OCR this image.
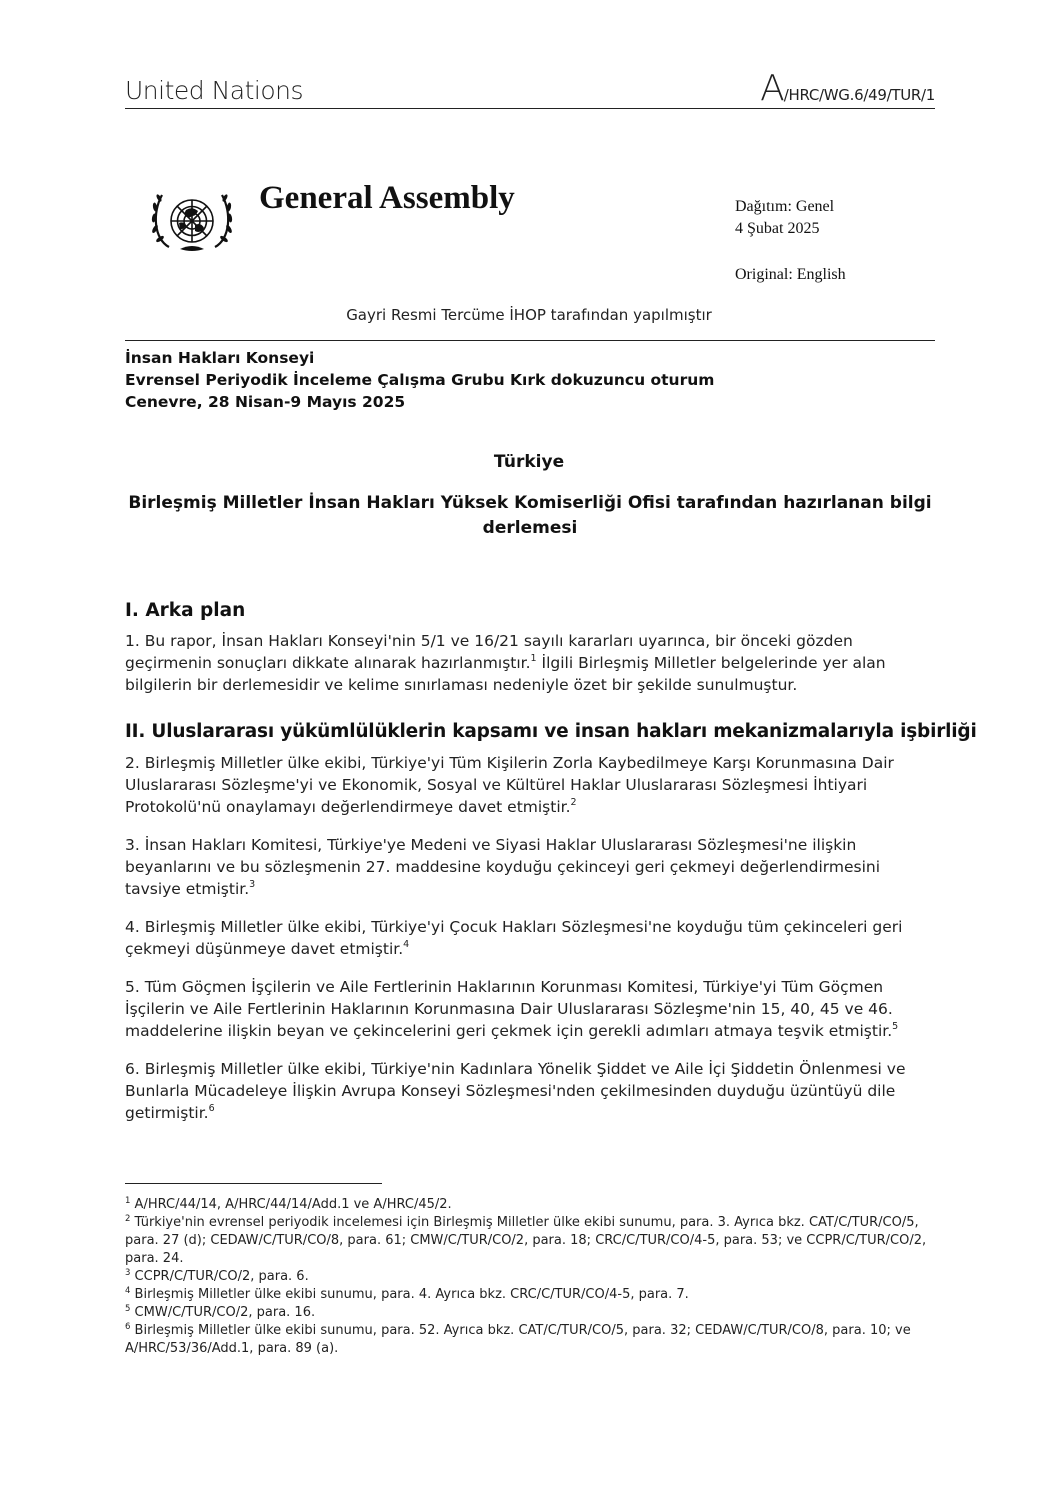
United Nations	A/HRC/WG.6/49/TUR/1
General Assembly	Dağıtım: Genel
4 Şubat 2025
Original: English
Gayri Resmi Tercüme İHOP tarafından yapılmıştır
İnsan Hakları Konseyi
Evrensel Periyodik İnceleme Çalışma Grubu Kırk dokuzuncu oturum
Cenevre, 28 Nisan-9 Mayıs 2025
Türkiye
Birleşmiş Milletler İnsan Hakları Yüksek Komiserliği Ofisi tarafından hazırlanan bilgi derlemesi
I. Arka plan
1. Bu rapor, İnsan Hakları Konseyi'nin 5/1 ve 16/21 sayılı kararları uyarınca, bir önceki gözden geçirmenin sonuçları dikkate alınarak hazırlanmıştır.$^1$ İlgili Birleşmiş Milletler belgelerinde yer alan bilgilerin bir derlemesidir ve kelime sınırlaması nedeniyle özet bir şekilde sunulmuştur.
II. Uluslararası yükümlülüklerin kapsamı ve insan hakları mekanizmalarıyla işbirliği
2. Birleşmiş Milletler ülke ekibi, Türkiye'yi Tüm Kişilerin Zorla Kaybedilmeye Karşı Korunmasına Dair Uluslararası Sözleşme'yi ve Ekonomik, Sosyal ve Kültürel Haklar Uluslararası Sözleşmesi İhtiyari Protokolü'nü onaylamayı değerlendirmeye davet etmiştir.$^2$
3. İnsan Hakları Komitesi, Türkiye'ye Medeni ve Siyasi Haklar Uluslararası Sözleşmesi'ne ilişkin beyanlarını ve bu sözleşmenin 27. maddesine koyduğu çekinceyi geri çekmeyi değerlendirmesini tavsiye etmiştir.$^3$
4. Birleşmiş Milletler ülke ekibi, Türkiye'yi Çocuk Hakları Sözleşmesi'ne koyduğu tüm çekinceleri geri çekmeyi düşünmeye davet etmiştir.$^4$
5. Tüm Göçmen İşçilerin ve Aile Fertlerinin Haklarının Korunması Komitesi, Türkiye'yi Tüm Göçmen İşçilerin ve Aile Fertlerinin Haklarının Korunmasına Dair Uluslararası Sözleşme'nin 15, 40, 45 ve 46. maddelerine ilişkin beyan ve çekincelerini geri çekmek için gerekli adımları atmaya teşvik etmiştir.$^5$
6. Birleşmiş Milletler ülke ekibi, Türkiye'nin Kadınlara Yönelik Şiddet ve Aile İçi Şiddetin Önlenmesi ve Bunlarla Mücadeleye İlişkin Avrupa Konseyi Sözleşmesi'nden çekilmesinden duyduğu üzüntüyü dile getirmiştir.$^6$
$^1$ A/HRC/44/14, A/HRC/44/14/Add.1 ve A/HRC/45/2.
$^2$ Türkiye'nin evrensel periyodik incelemesi için Birleşmiş Milletler ülke ekibi sunumu, para. 3. Ayrıca bkz. CAT/C/TUR/CO/5, para. 27 (d); CEDAW/C/TUR/CO/8, para. 61; CMW/C/TUR/CO/2, para. 18; CRC/C/TUR/CO/4-5, para. 53; ve CCPR/C/TUR/CO/2, para. 24.
$^3$ CCPR/C/TUR/CO/2, para. 6.
$^4$ Birleşmiş Milletler ülke ekibi sunumu, para. 4. Ayrıca bkz. CRC/C/TUR/CO/4-5, para. 7.
$^5$ CMW/C/TUR/CO/2, para. 16.
$^6$ Birleşmiş Milletler ülke ekibi sunumu, para. 52. Ayrıca bkz. CAT/C/TUR/CO/5, para. 32; CEDAW/C/TUR/CO/8, para. 10; ve A/HRC/53/36/Add.1, para. 89 (a).
